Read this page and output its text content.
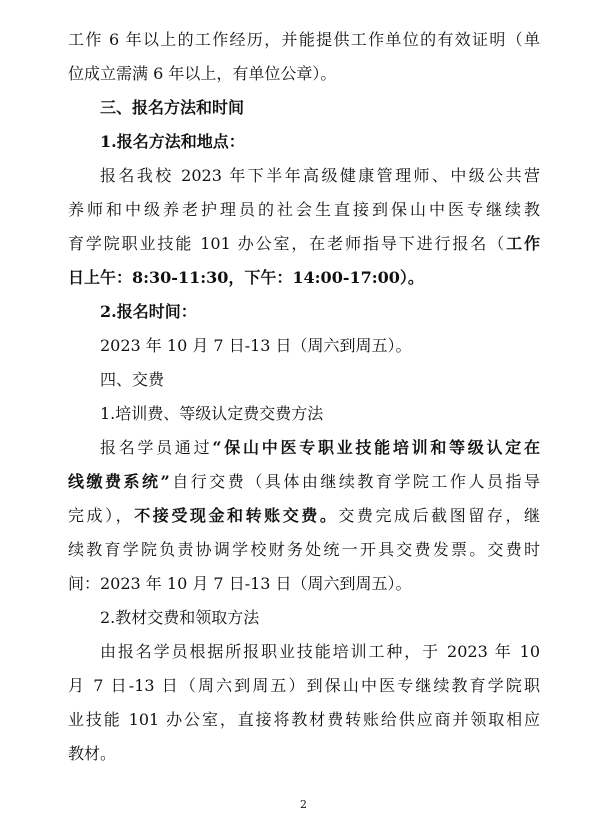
工作 6 年以上的工作经历，并能提供工作单位的有效证明（单
位成立需满 6 年以上，有单位公章）。
三、报名方法和时间
1.报名方法和地点：
报名我校 2023 年下半年高级健康管理师、中级公共营
养师和中级养老护理员的社会生直接到保山中医专继续教
育学院职业技能 101 办公室，在老师指导下进行报名（工作
日上午：8:30-11:30，下午：14:00-17:00）。
2.报名时间：
2023 年 10 月 7 日-13 日（周六到周五）。
四、交费
1.培训费、等级认定费交费方法
报名学员通过“保山中医专职业技能培训和等级认定在
线缴费系统”自行交费（具体由继续教育学院工作人员指导
完成），不接受现金和转账交费。交费完成后截图留存，继
续教育学院负责协调学校财务处统一开具交费发票。交费时
间：2023 年 10 月 7 日-13 日（周六到周五）。
2.教材交费和领取方法
由报名学员根据所报职业技能培训工种，于 2023 年 10
月 7 日-13 日（周六到周五）到保山中医专继续教育学院职
业技能 101 办公室，直接将教材费转账给供应商并领取相应
教材。
2
